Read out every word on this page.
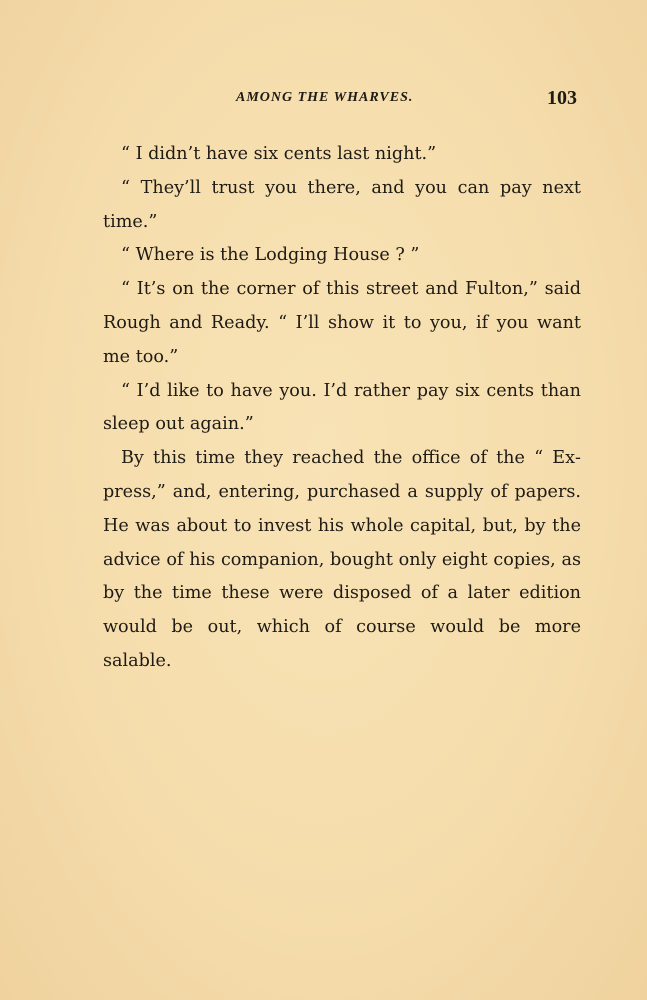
AMONG THE WHARVES.	103

“ I didn’t have six cents last night.”

“ They’ll trust you there, and you can pay next time.”

“ Where is the Lodging House ? ”

“ It’s on the corner of this street and Fulton,” said Rough and Ready. “ I’ll show it to you, if you want me too.”

“ I’d like to have you. I’d rather pay six cents than sleep out again.”

By this time they reached the office of the “ Express,” and, entering, purchased a supply of papers. He was about to invest his whole capital, but, by the advice of his companion, bought only eight copies, as by the time these were disposed of a later edition would be out, which of course would be more salable.
